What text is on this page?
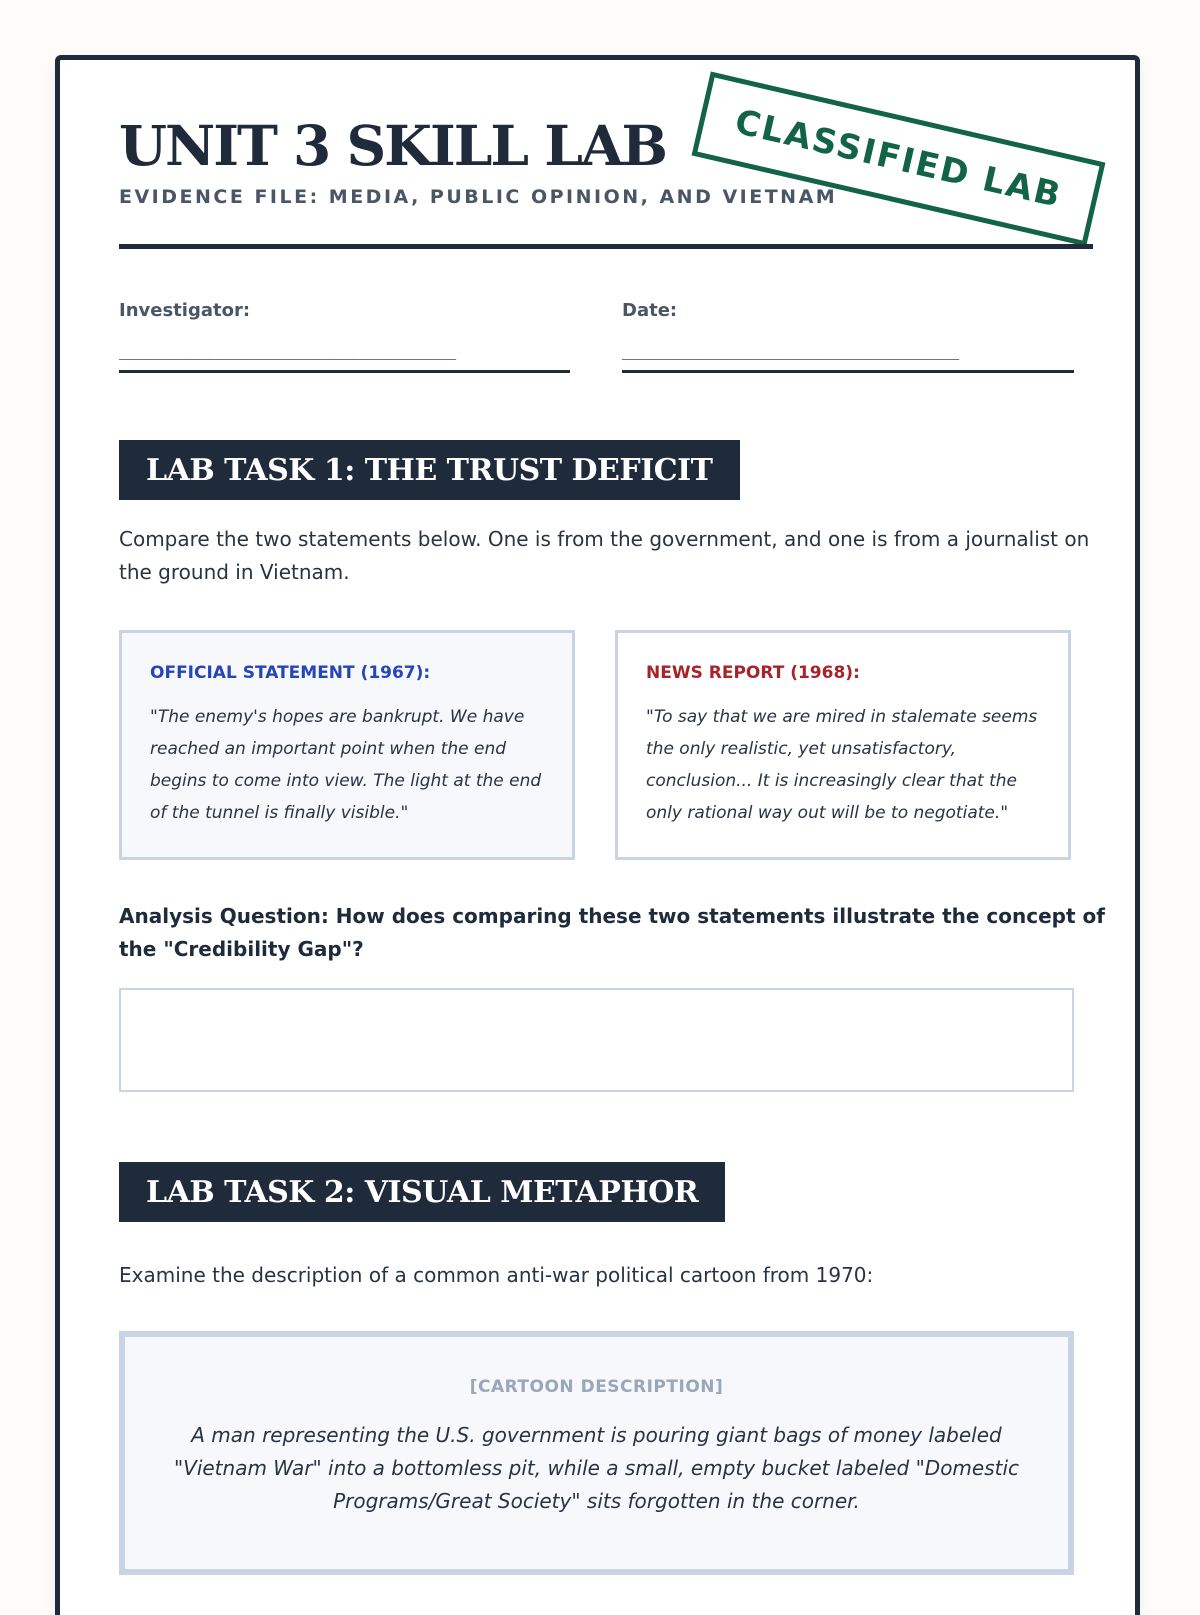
UNIT 3 SKILL LAB
EVIDENCE FILE: MEDIA, PUBLIC OPINION, AND VIETNAM
CLASSIFIED LAB
Investigator:
____________________________
Date:
____________________________
LAB TASK 1: THE TRUST DEFICIT
Compare the two statements below. One is from the government, and one is from a journalist on the ground in Vietnam.
OFFICIAL STATEMENT (1967):
"The enemy's hopes are bankrupt. We have reached an important point when the end begins to come into view. The light at the end of the tunnel is finally visible."
NEWS REPORT (1968):
"To say that we are mired in stalemate seems the only realistic, yet unsatisfactory, conclusion... It is increasingly clear that the only rational way out will be to negotiate."
Analysis Question: How does comparing these two statements illustrate the concept of the "Credibility Gap"?
LAB TASK 2: VISUAL METAPHOR
Examine the description of a common anti-war political cartoon from 1970:
[CARTOON DESCRIPTION]
A man representing the U.S. government is pouring giant bags of money labeled "Vietnam War" into a bottomless pit, while a small, empty bucket labeled "Domestic Programs/Great Society" sits forgotten in the corner.
